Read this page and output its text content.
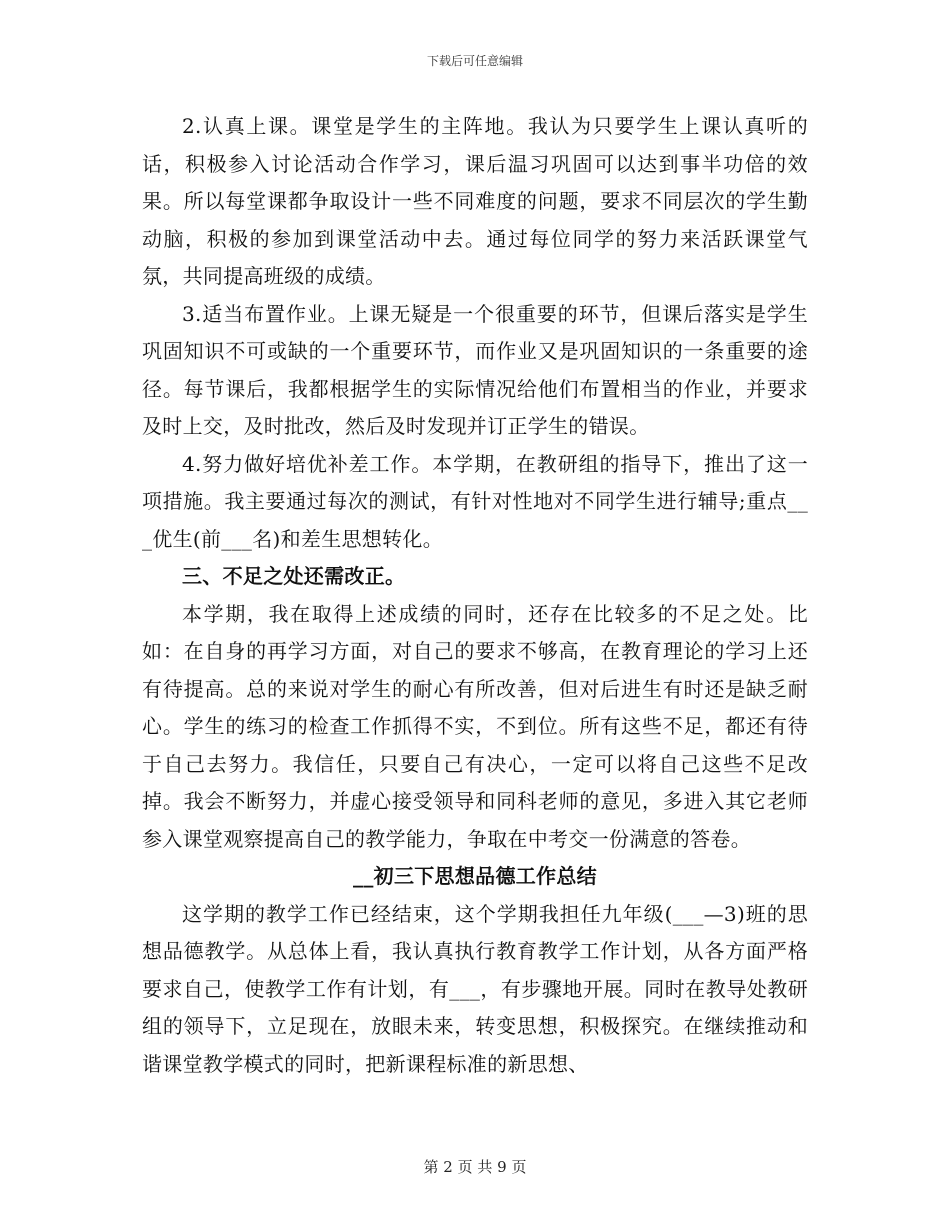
下载后可任意编辑

2.认真上课。课堂是学生的主阵地。我认为只要学生上课认真听的话，积极参入讨论活动合作学习，课后温习巩固可以达到事半功倍的效果。所以每堂课都争取设计一些不同难度的问题，要求不同层次的学生勤动脑，积极的参加到课堂活动中去。通过每位同学的努力来活跃课堂气氛，共同提高班级的成绩。

3.适当布置作业。上课无疑是一个很重要的环节，但课后落实是学生巩固知识不可或缺的一个重要环节，而作业又是巩固知识的一条重要的途径。每节课后，我都根据学生的实际情况给他们布置相当的作业，并要求及时上交，及时批改，然后及时发现并订正学生的错误。

4.努力做好培优补差工作。本学期，在教研组的指导下，推出了这一项措施。我主要通过每次的测试，有针对性地对不同学生进行辅导;重点___优生(前___名)和差生思想转化。

三、不足之处还需改正。

本学期，我在取得上述成绩的同时，还存在比较多的不足之处。比如：在自身的再学习方面，对自己的要求不够高，在教育理论的学习上还有待提高。总的来说对学生的耐心有所改善，但对后进生有时还是缺乏耐心。学生的练习的检查工作抓得不实，不到位。所有这些不足，都还有待于自己去努力。我信任，只要自己有决心，一定可以将自己这些不足改掉。我会不断努力，并虚心接受领导和同科老师的意见，多进入其它老师参入课堂观察提高自己的教学能力，争取在中考交一份满意的答卷。

__初三下思想品德工作总结

这学期的教学工作已经结束，这个学期我担任九年级(___—3)班的思想品德教学。从总体上看，我认真执行教育教学工作计划，从各方面严格要求自己，使教学工作有计划，有___，有步骤地开展。同时在教导处教研组的领导下，立足现在，放眼未来，转变思想，积极探究。在继续推动和谐课堂教学模式的同时，把新课程标准的新思想、

第 2 页 共 9 页
